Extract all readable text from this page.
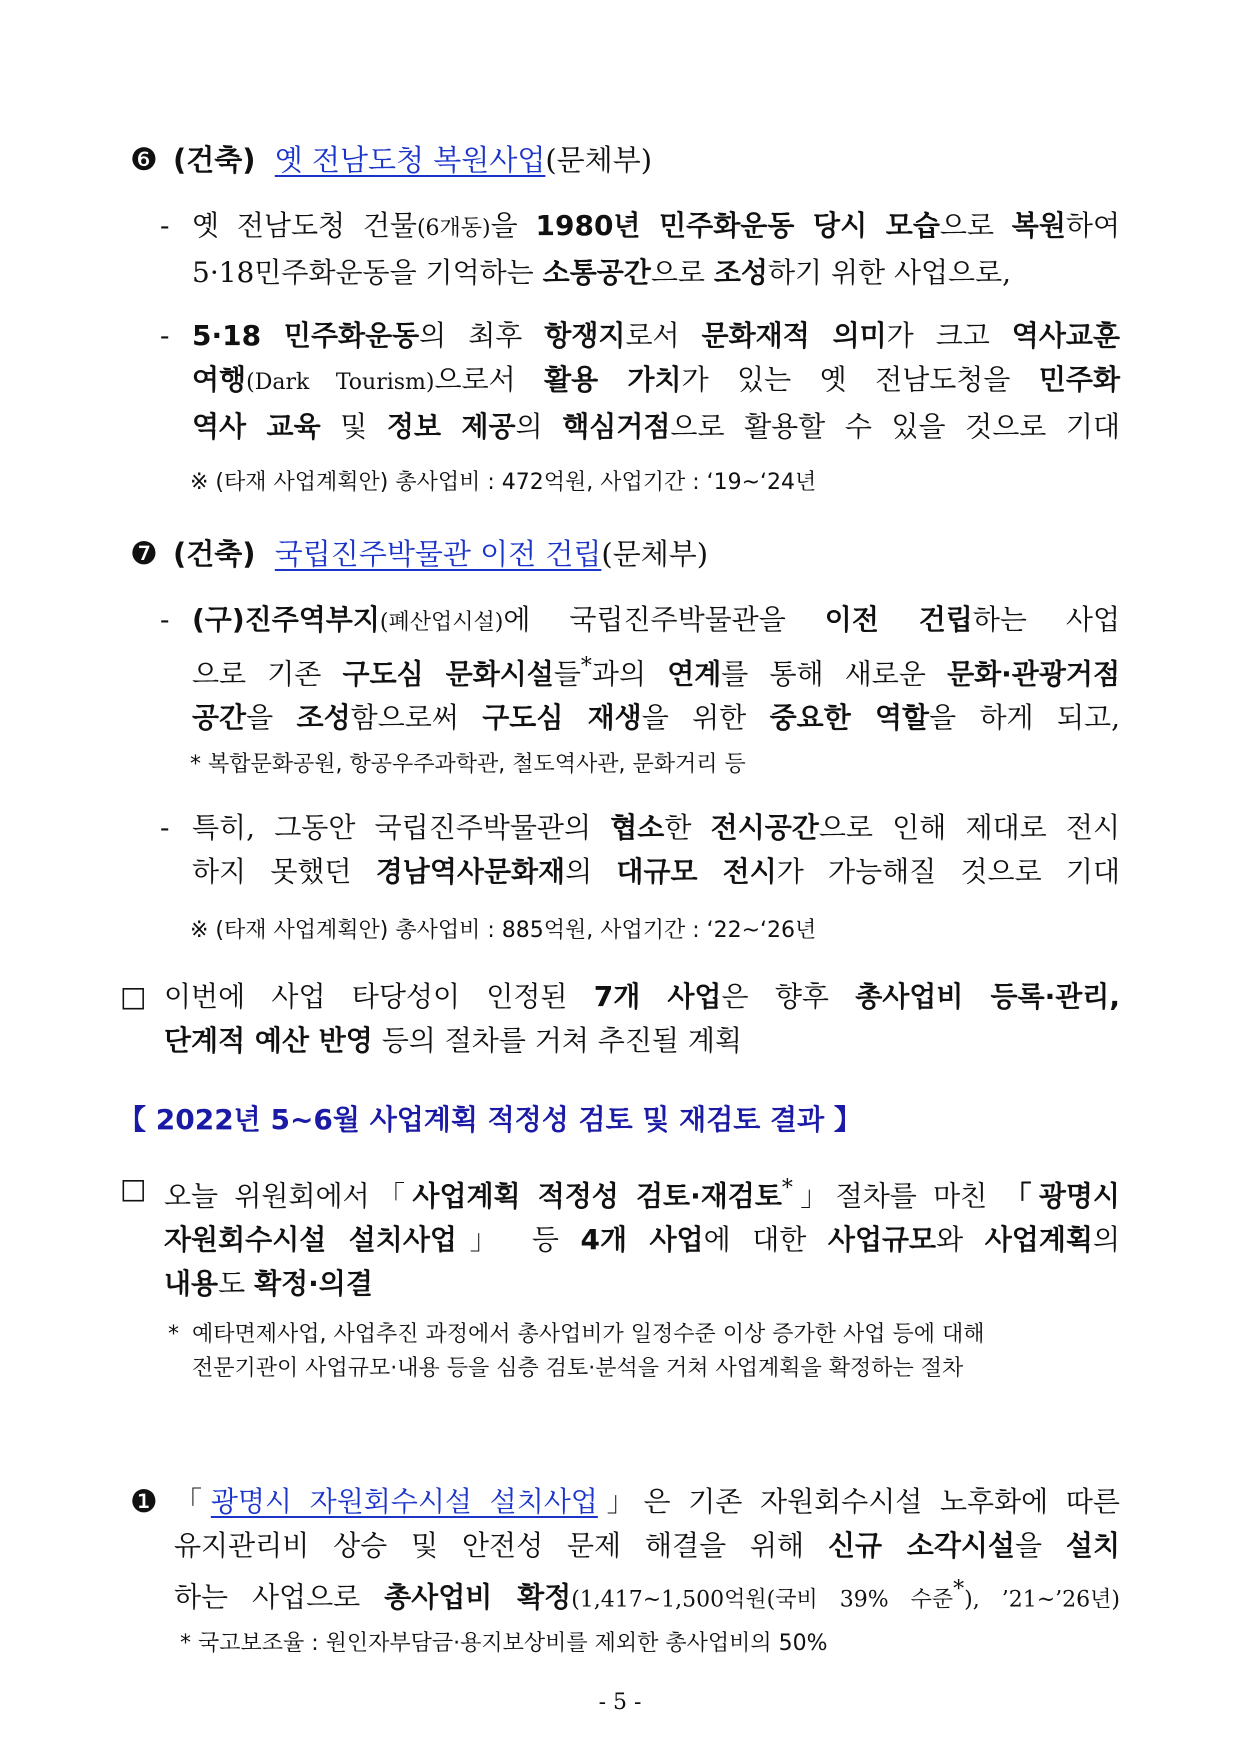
❻ (건축) 옛 전남도청 복원사업(문체부)
- 옛 전남도청 건물(6개동)을 1980년 민주화운동 당시 모습으로 복원하여
5·18민주화운동을 기억하는 소통공간으로 조성하기 위한 사업으로,
- 5·18 민주화운동의 최후 항쟁지로서 문화재적 의미가 크고 역사교훈
여행(Dark Tourism)으로서 활용 가치가 있는 옛 전남도청을 민주화
역사 교육 및 정보 제공의 핵심거점으로 활용할 수 있을 것으로 기대
※ (타재 사업계획안) 총사업비 : 472억원, 사업기간 : ‘19~‘24년
❼ (건축) 국립진주박물관 이전 건립(문체부)
- (구)진주역부지(폐산업시설)에 국립진주박물관을 이전 건립하는 사업
으로 기존 구도심 문화시설들*과의 연계를 통해 새로운 문화·관광거점
공간을 조성함으로써 구도심 재생을 위한 중요한 역할을 하게 되고,
* 복합문화공원, 항공우주과학관, 철도역사관, 문화거리 등
- 특히, 그동안 국립진주박물관의 협소한 전시공간으로 인해 제대로 전시
하지 못했던 경남역사문화재의 대규모 전시가 가능해질 것으로 기대
※ (타재 사업계획안) 총사업비 : 885억원, 사업기간 : ‘22~‘26년
□ 이번에 사업 타당성이 인정된 7개 사업은 향후 총사업비 등록·관리,
단계적 예산 반영 등의 절차를 거쳐 추진될 계획
【 2022년 5~6월 사업계획 적정성 검토 및 재검토 결과 】
□ 오늘 위원회에서「사업계획 적정성 검토·재검토*」절차를 마친 「광명시
자원회수시설 설치사업」 등 4개 사업에 대한 사업규모와 사업계획의
내용도 확정·의결
* 예타면제사업, 사업추진 과정에서 총사업비가 일정수준 이상 증가한 사업 등에 대해
전문기관이 사업규모·내용 등을 심층 검토·분석을 거쳐 사업계획을 확정하는 절차
❶ 「광명시 자원회수시설 설치사업」은 기존 자원회수시설 노후화에 따른
유지관리비 상승 및 안전성 문제 해결을 위해 신규 소각시설을 설치
하는 사업으로 총사업비 확정(1,417~1,500억원(국비 39% 수준*), ’21~’26년)
* 국고보조율 : 원인자부담금·용지보상비를 제외한 총사업비의 50%
- 5 -
